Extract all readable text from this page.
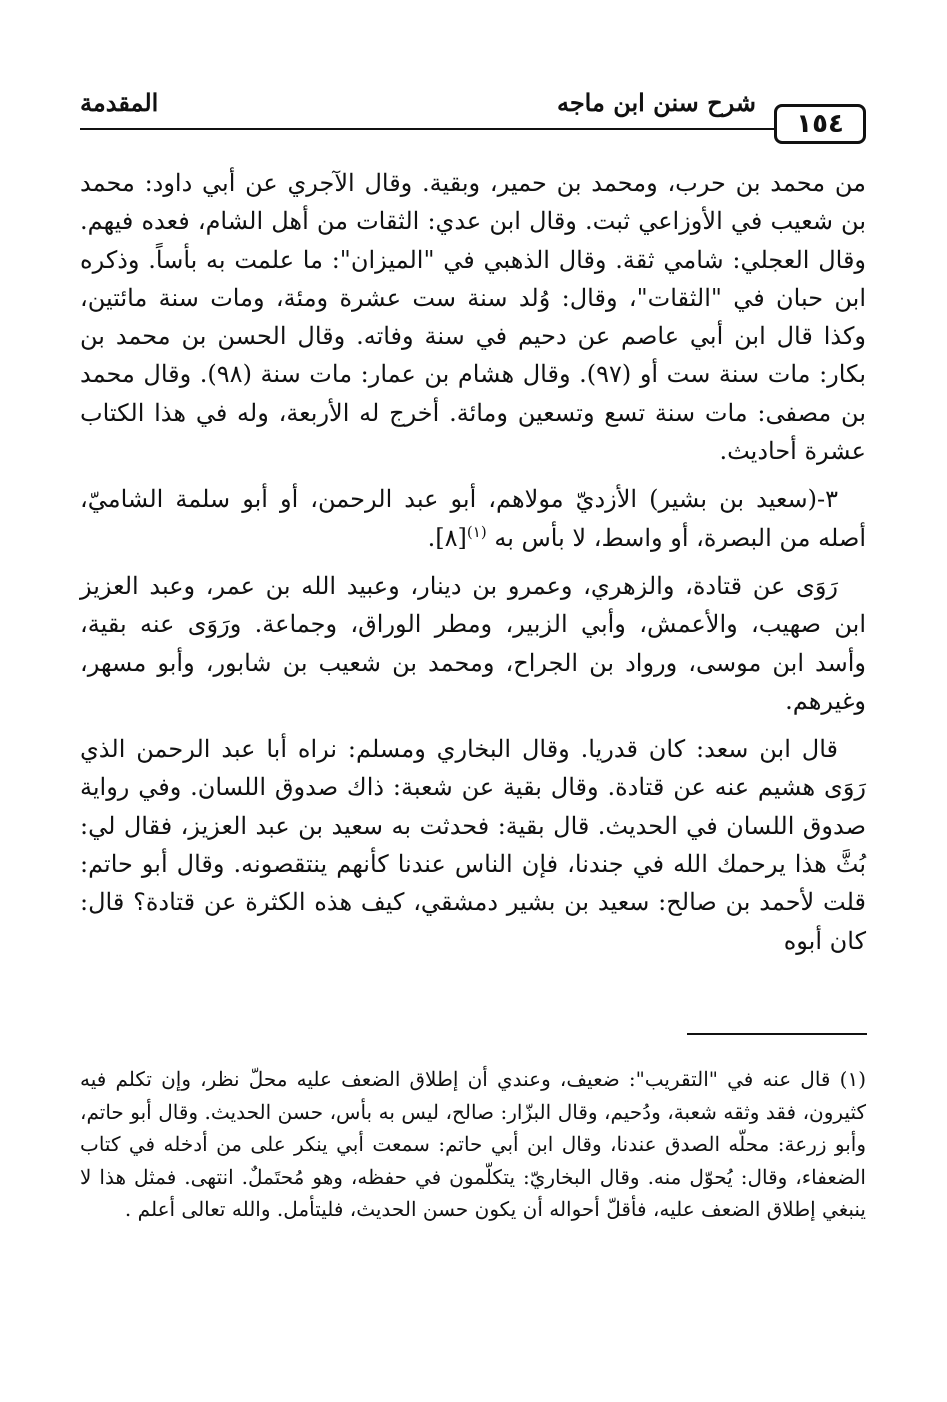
١٥٤
شرح سنن ابن ماجه
المقدمة

من محمد بن حرب، ومحمد بن حمير، وبقية. وقال الآجري عن أبي داود: محمد بن شعيب في الأوزاعي ثبت. وقال ابن عدي: الثقات من أهل الشام، فعده فيهم. وقال العجلي: شامي ثقة. وقال الذهبي في "الميزان": ما علمت به بأساً. وذكره ابن حبان في "الثقات"، وقال: وُلد سنة ست عشرة ومئة، ومات سنة مائتين، وكذا قال ابن أبي عاصم عن دحيم في سنة وفاته. وقال الحسن بن محمد بن بكار: مات سنة ست أو (٩٧). وقال هشام بن عمار: مات سنة (٩٨). وقال محمد بن مصفى: مات سنة تسع وتسعين ومائة. أخرج له الأربعة، وله في هذا الكتاب عشرة أحاديث.

٣-(سعيد بن بشير) الأزديّ مولاهم، أبو عبد الرحمن، أو أبو سلمة الشاميّ، أصله من البصرة، أو واسط، لا بأس به $^{(١)}$[٨].

رَوَى عن قتادة، والزهري، وعمرو بن دينار، وعبيد الله بن عمر، وعبد العزيز ابن صهيب، والأعمش، وأبي الزبير، ومطر الوراق، وجماعة. ورَوَى عنه بقية، وأسد ابن موسى، ورواد بن الجراح، ومحمد بن شعيب بن شابور، وأبو مسهر، وغيرهم.

قال ابن سعد: كان قدريا. وقال البخاري ومسلم: نراه أبا عبد الرحمن الذي رَوَى هشيم عنه عن قتادة. وقال بقية عن شعبة: ذاك صدوق اللسان. وفي رواية صدوق اللسان في الحديث. قال بقية: فحدثت به سعيد بن عبد العزيز، فقال لي: بُثَّ هذا يرحمك الله في جندنا، فإن الناس عندنا كأنهم ينتقصونه. وقال أبو حاتم: قلت لأحمد بن صالح: سعيد بن بشير دمشقي، كيف هذه الكثرة عن قتادة؟ قال: كان أبوه

(١) قال عنه في "التقريب": ضعيف، وعندي أن إطلاق الضعف عليه محلّ نظر، وإن تكلم فيه كثيرون، فقد وثقه شعبة، ودُحيم، وقال البزّار: صالح، ليس به بأس، حسن الحديث. وقال أبو حاتم، وأبو زرعة: محلّه الصدق عندنا، وقال ابن أبي حاتم: سمعت أبي ينكر على من أدخله في كتاب الضعفاء، وقال: يُحوّل منه. وقال البخاريّ: يتكلّمون في حفظه، وهو مُحتَملٌ. انتهى. فمثل هذا لا ينبغي إطلاق الضعف عليه، فأقلّ أحواله أن يكون حسن الحديث، فليتأمل. والله تعالى أعلم .
